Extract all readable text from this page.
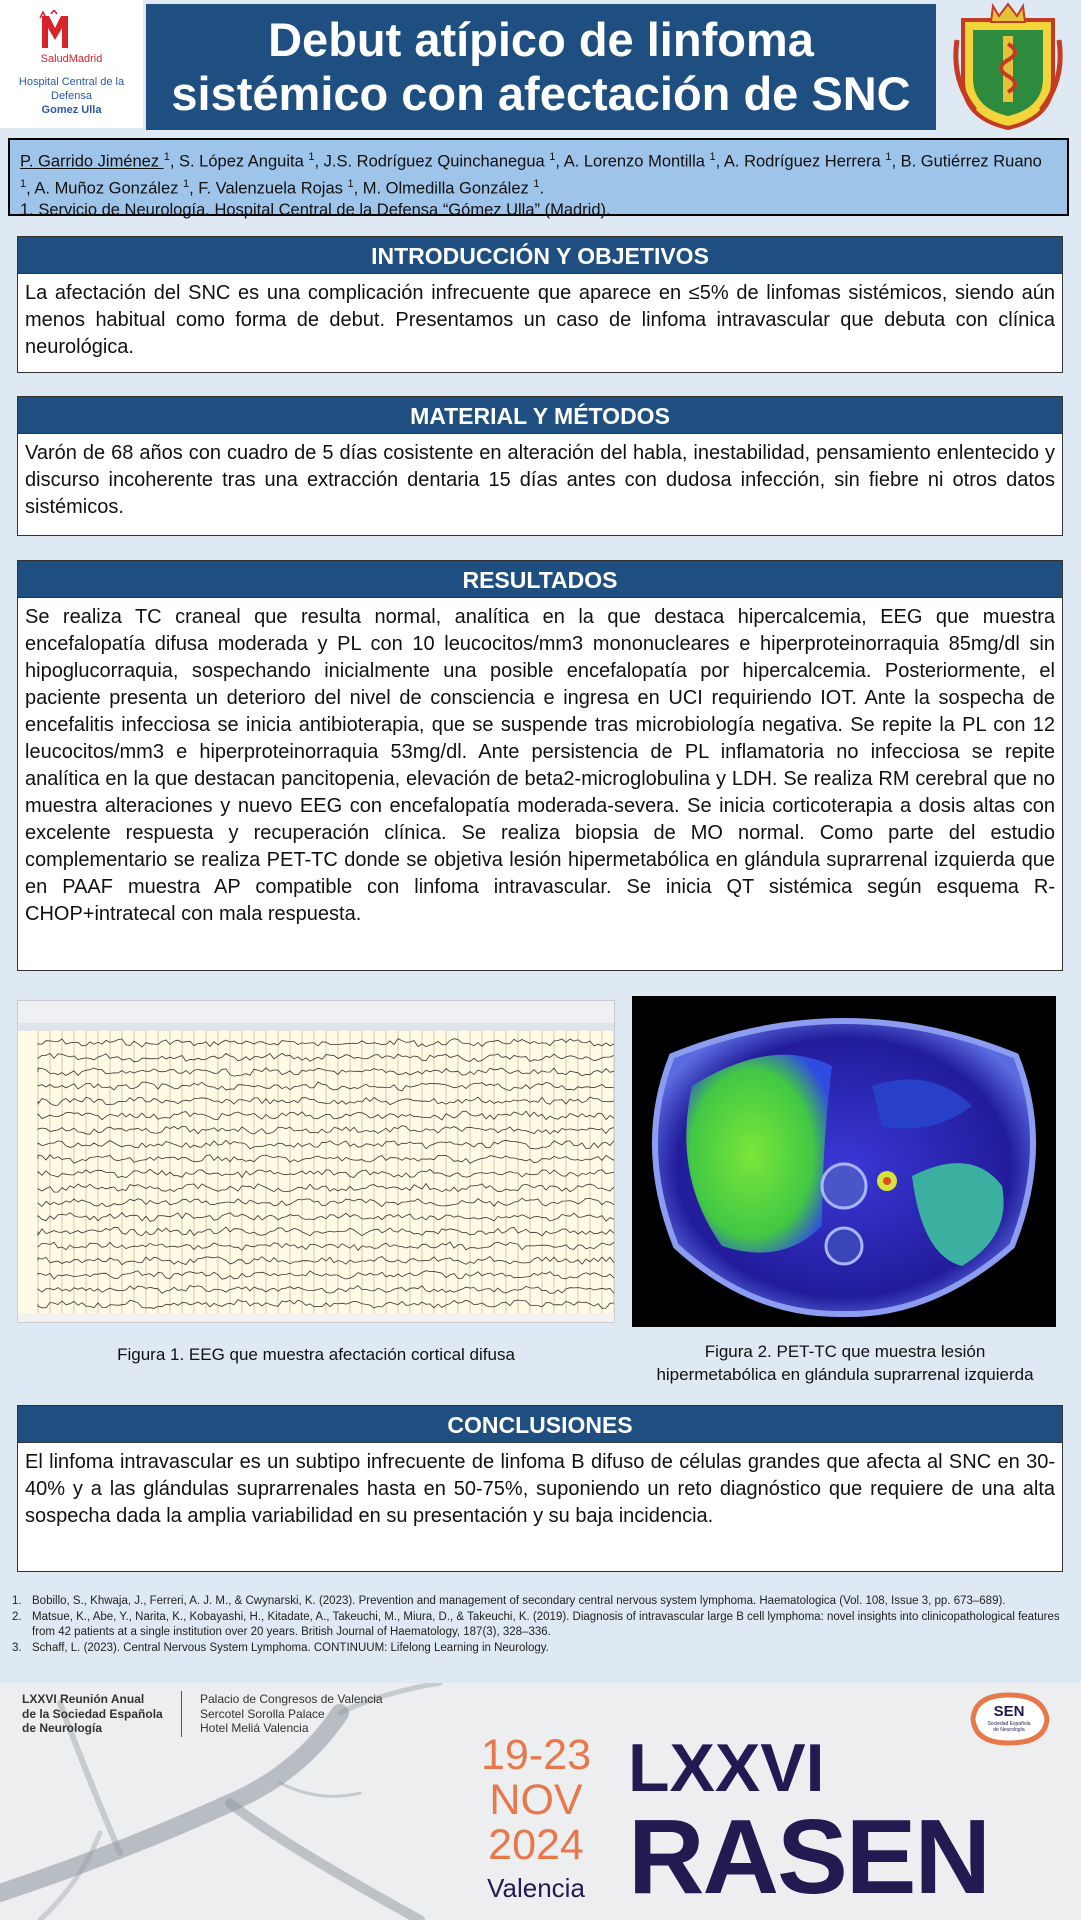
SaludMadrid
Hospital Central de la Defensa
Gomez Ulla
Debut atípico de linfoma
sistémico con afectación de SNC
P. Garrido Jiménez $^1$, S. López Anguita $^1$, J.S. Rodríguez Quinchanegua $^1$, A. Lorenzo Montilla $^1$, A. Rodríguez Herrera $^1$, B. Gutiérrez Ruano $^1$, A. Muñoz González $^1$, F. Valenzuela Rojas $^1$, M. Olmedilla González $^1$.
1. Servicio de Neurología. Hospital Central de la Defensa “Gómez Ulla” (Madrid).
INTRODUCCIÓN Y OBJETIVOS
La afectación del SNC es una complicación infrecuente que aparece en ≤5% de linfomas sistémicos, siendo aún menos habitual como forma de debut. Presentamos un caso de linfoma intravascular que debuta con clínica neurológica.
MATERIAL Y MÉTODOS
Varón de 68 años con cuadro de 5 días cosistente en alteración del habla, inestabilidad, pensamiento enlentecido y discurso incoherente tras una extracción dentaria 15 días antes con dudosa infección, sin fiebre ni otros datos sistémicos.
RESULTADOS
Se realiza TC craneal que resulta normal, analítica en la que destaca hipercalcemia, EEG que muestra encefalopatía difusa moderada y PL con 10 leucocitos/mm3 mononucleares e hiperproteinorraquia 85mg/dl sin hipoglucorraquia, sospechando inicialmente una posible encefalopatía por hipercalcemia. Posteriormente, el paciente presenta un deterioro del nivel de consciencia e ingresa en UCI requiriendo IOT. Ante la sospecha de encefalitis infecciosa se inicia antibioterapia, que se suspende tras microbiología negativa. Se repite la PL con 12 leucocitos/mm3 e hiperproteinorraquia 53mg/dl. Ante persistencia de PL inflamatoria no infecciosa se repite analítica en la que destacan pancitopenia, elevación de beta2-microglobulina y LDH. Se realiza RM cerebral que no muestra alteraciones y nuevo EEG con encefalopatía moderada-severa. Se inicia corticoterapia a dosis altas con excelente respuesta y recuperación clínica. Se realiza biopsia de MO normal. Como parte del estudio complementario se realiza PET-TC donde se objetiva lesión hipermetabólica en glándula suprarrenal izquierda que en PAAF muestra AP compatible con linfoma intravascular. Se inicia QT sistémica según esquema R-CHOP+intratecal con mala respuesta.
Figura 1. EEG que muestra afectación cortical difusa	Figura 2. PET-TC que muestra lesión
hipermetabólica en glándula suprarrenal izquierda
CONCLUSIONES
El linfoma intravascular es un subtipo infrecuente de linfoma B difuso de células grandes que afecta al SNC en 30-40% y a las glándulas suprarrenales hasta en 50-75%, suponiendo un reto diagnóstico que requiere de una alta sospecha dada la amplia variabilidad en su presentación y su baja incidencia.
1. Bobillo, S., Khwaja, J., Ferreri, A. J. M., & Cwynarski, K. (2023). Prevention and management of secondary central nervous system lymphoma. Haematologica (Vol. 108, Issue 3, pp. 673–689).
2. Matsue, K., Abe, Y., Narita, K., Kobayashi, H., Kitadate, A., Takeuchi, M., Miura, D., & Takeuchi, K. (2019). Diagnosis of intravascular large B cell lymphoma: novel insights into clinicopathological features from 42 patients at a single institution over 20 years. British Journal of Haematology, 187(3), 328–336.
3. Schaff, L. (2023). Central Nervous System Lymphoma. CONTINUUM: Lifelong Learning in Neurology.
LXXVI Reunión Anual
de la Sociedad Española
de Neurología
Palacio de Congresos de Valencia
Sercotel Sorolla Palace
Hotel Meliá Valencia
19-23
NOV
2024
Valencia
LXXVI
RASEN
SEN
Sociedad Española de Neurología
